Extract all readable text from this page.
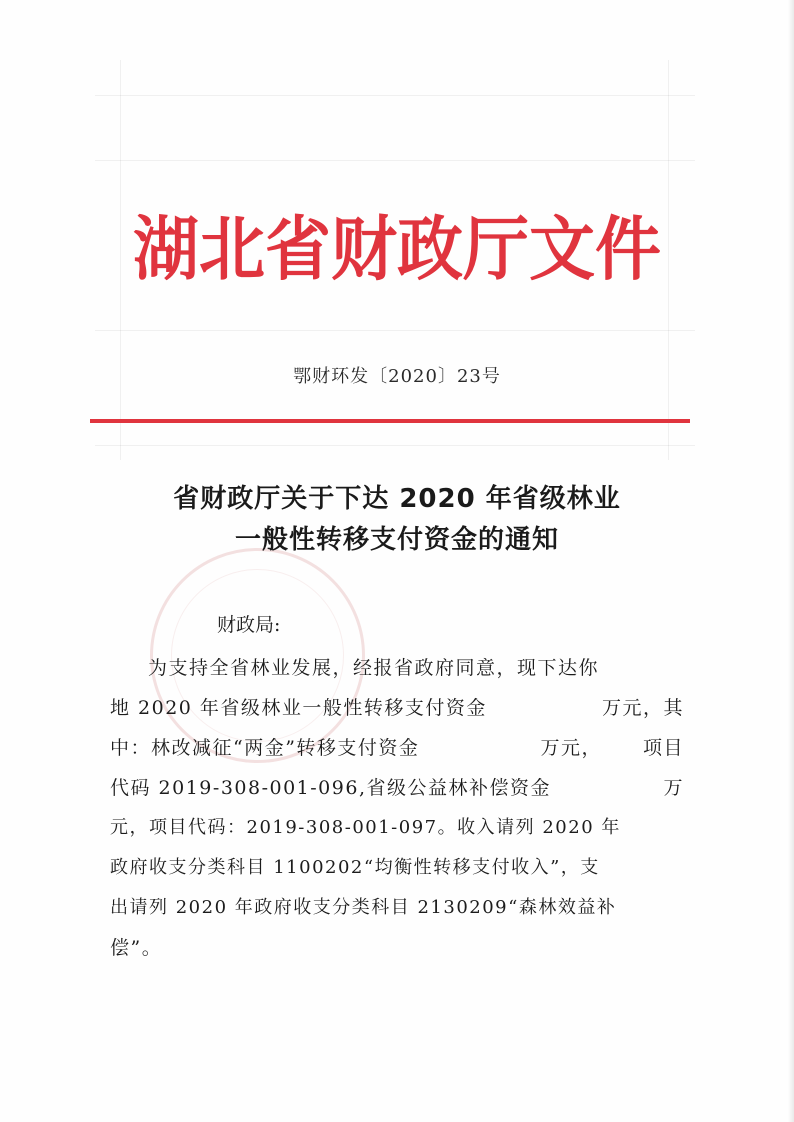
湖北省财政厅文件
鄂财环发〔2020〕23号
省财政厅关于下达 2020 年省级林业
一般性转移支付资金的通知
财政局:
为支持全省林业发展，经报省政府同意，现下达你
地 2020 年省级林业一般性转移支付资金	万元，其
中：林改减征“两金”转移支付资金	万元， 项目
代码 2019-308-001-096,省级公益林补偿资金	万
元，项目代码：2019-308-001-097。收入请列 2020 年
政府收支分类科目 1100202“均衡性转移支付收入”，支
出请列 2020 年政府收支分类科目 2130209“森林效益补
偿”。
